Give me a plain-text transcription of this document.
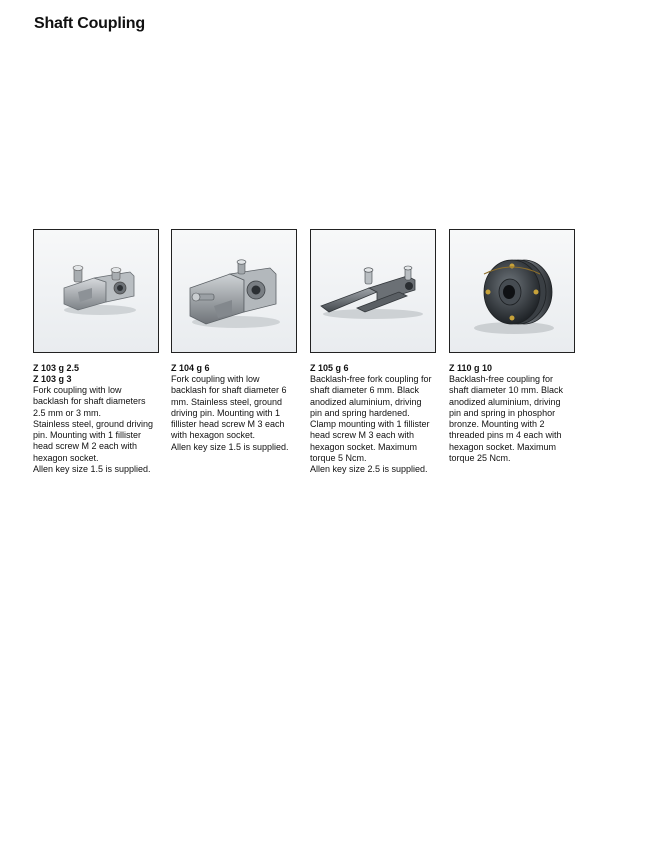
Shaft Coupling
Z 103 g 2.5
Z 103 g 3

Fork coupling with low
backlash for shaft diameters
2.5 mm or 3 mm.
Stainless steel, ground driving
pin. Mounting with 1 fillister
head screw M 2 each with
hexagon socket.
Allen key size 1.5 is supplied.

Z 104 g 6

Fork coupling with low
backlash for shaft diameter 6
mm. Stainless steel, ground
driving pin. Mounting with 1
fillister head screw M 3 each
with hexagon socket.
Allen key size 1.5 is supplied.

Z 105 g 6

Backlash-free fork coupling for
shaft diameter 6 mm. Black
anodized aluminium, driving
pin and spring hardened.
Clamp mounting with 1 fillister
head screw M 3 each with
hexagon socket. Maximum
torque 5 Ncm.
Allen key size 2.5 is supplied.

Z 110 g 10

Backlash-free coupling for
shaft diameter 10 mm. Black
anodized aluminium, driving
pin and spring in phosphor
bronze. Mounting with 2
threaded pins m 4 each with
hexagon socket. Maximum
torque 25 Ncm.
